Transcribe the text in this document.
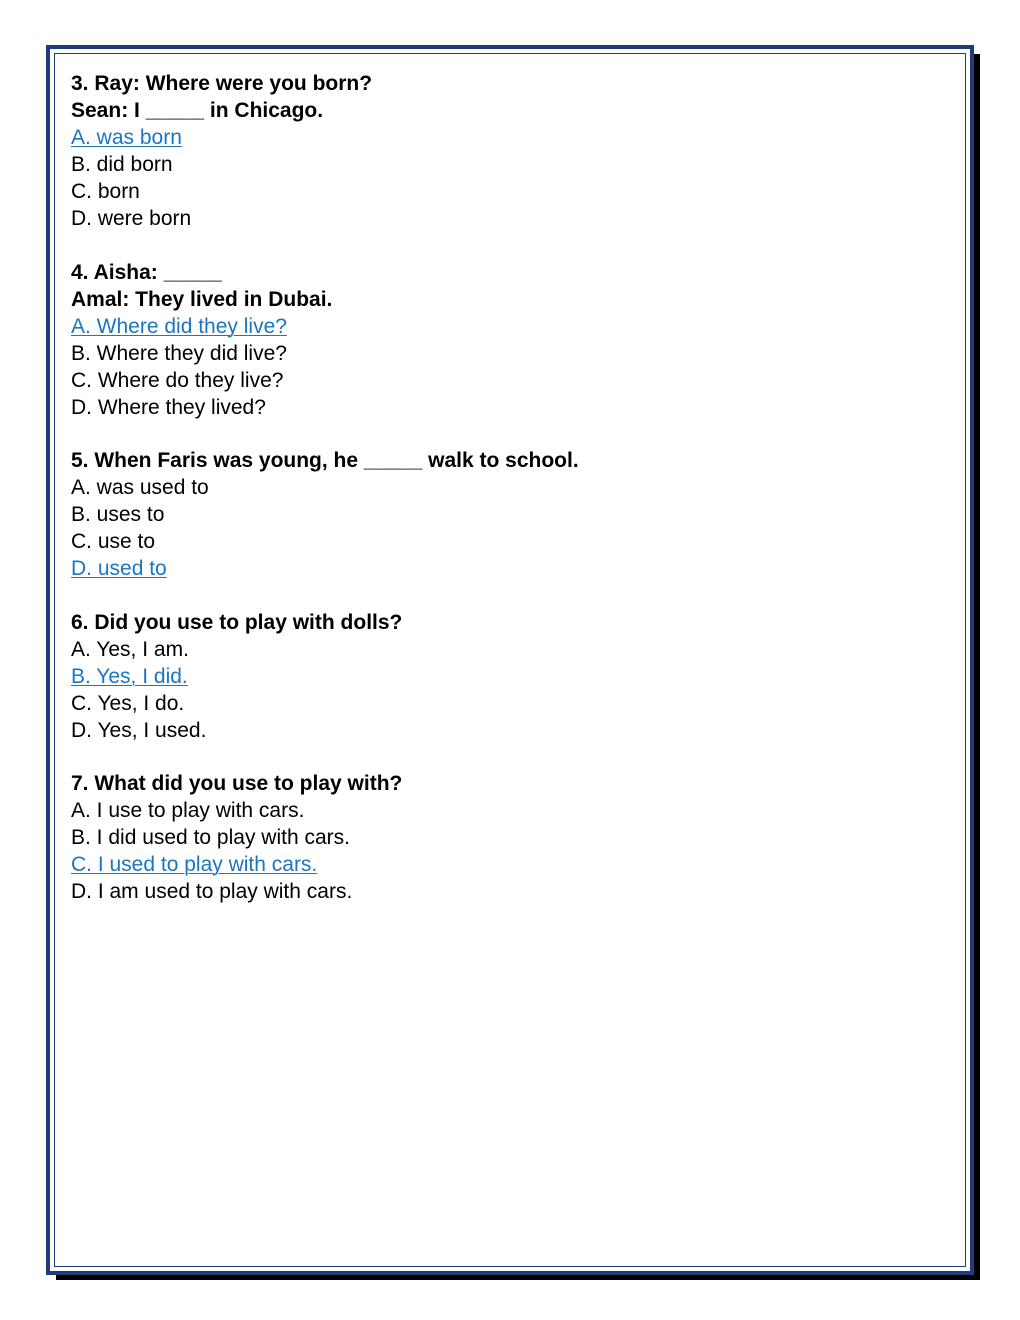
3. Ray: Where were you born?
Sean: I _____ in Chicago.
A. was born
B. did born
C. born
D. were born
4. Aisha: _____
Amal: They lived in Dubai.
A. Where did they live?
B. Where they did live?
C. Where do they live?
D. Where they lived?
5. When Faris was young, he _____ walk to school.
A. was used to
B. uses to
C. use to
D. used to
6. Did you use to play with dolls?
A. Yes, I am.
B. Yes, I did.
C. Yes, I do.
D. Yes, I used.
7. What did you use to play with?
A. I use to play with cars.
B. I did used to play with cars.
C. I used to play with cars.
D. I am used to play with cars.
